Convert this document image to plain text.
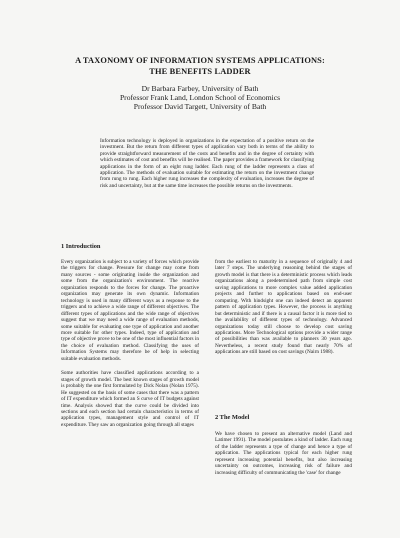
A TAXONOMY OF INFORMATION SYSTEMS APPLICATIONS:
THE BENEFITS LADDER
Dr Barbara Farbey, University of Bath
Professor Frank Land, London School of Economics
Professor David Targett, University of Bath
Information technology is deployed in organizations in the expectation of a positive return on the investment. But the return from different types of application vary both in terms of the ability to provide straightforward measurement of the costs and benefits and in the degree of certainty with which estimates of cost and benefits will be realised. The paper provides a framework for classifying applications in the form of an eight rung ladder. Each rung of the ladder represents a class of application. The methods of evaluation suitable for estimating the return on the investment change from rung to rung. Each higher rung increases the complexity of evaluation, increases the degree of risk and uncertainty, but at the same time increases the possible returns on the investments.
1 Introduction

Every organization is subject to a variety of forces which provide the triggers for change. Pressure for change may come from many sources - some originating inside the organization and some from the organization's environment. The reactive organization responds to the forces for change. The proactive organization may generate its own dynamic. Information technology is used in many different ways as a response to the triggers and to achieve a wide range of different objectives. The different types of applications and the wide range of objectives suggest that we may need a wide range of evaluation methods, some suitable for evaluating one type of application and another more suitable for other types. Indeed, type of application and type of objective prove to be one of the most influential factors in the choice of evaluation method. Classifying the uses of Information Systems may therefore be of help in selecting suitable evaluation methods.

Some authorities have classified applications according to a stages of growth model. The best known stages of growth model is probably the one first formulated by Dick Nolan (Nolan 1975). He suggested on the basis of some cases that there was a pattern of IT expenditure which formed an S curve of IT budgets against time. Analysis showed that the curve could be divided into sections and each section had certain characteristics in terms of application types, management style and control of IT expenditure. They saw an organization going through all stages

from the earliest to maturity in a sequence of originally 4 and later 7 steps. The underlying reasoning behind the stages of growth model is that there is a deterministic process which leads organizations along a predetermined path from simple cost saving applications to more complex value added application projects and further to applications based on end-user computing. With hindsight one can indeed detect an apparent pattern of application types. However, the process is anything but deterministic and if there is a causal factor it is more tied to the availability of different types of technology. Advanced organizations today still choose to develop cost saving applications. More Technological options provide a wider range of possibilities than was available to planners 30 years ago. Nevertheless, a recent study found that nearly 70% of applications are still based on cost savings (Nairn 1988).

2 The Model

We have chosen to present an alternative model (Land and Latimer 1991). The model postulates a kind of ladder. Each rung of the ladder represents a type of change and hence a type of application. The applications typical for each higher rung represent increasing potential benefits, but also increasing uncertainty on outcomes, increasing risk of failure and increasing difficulty of communicating the 'case' for change
